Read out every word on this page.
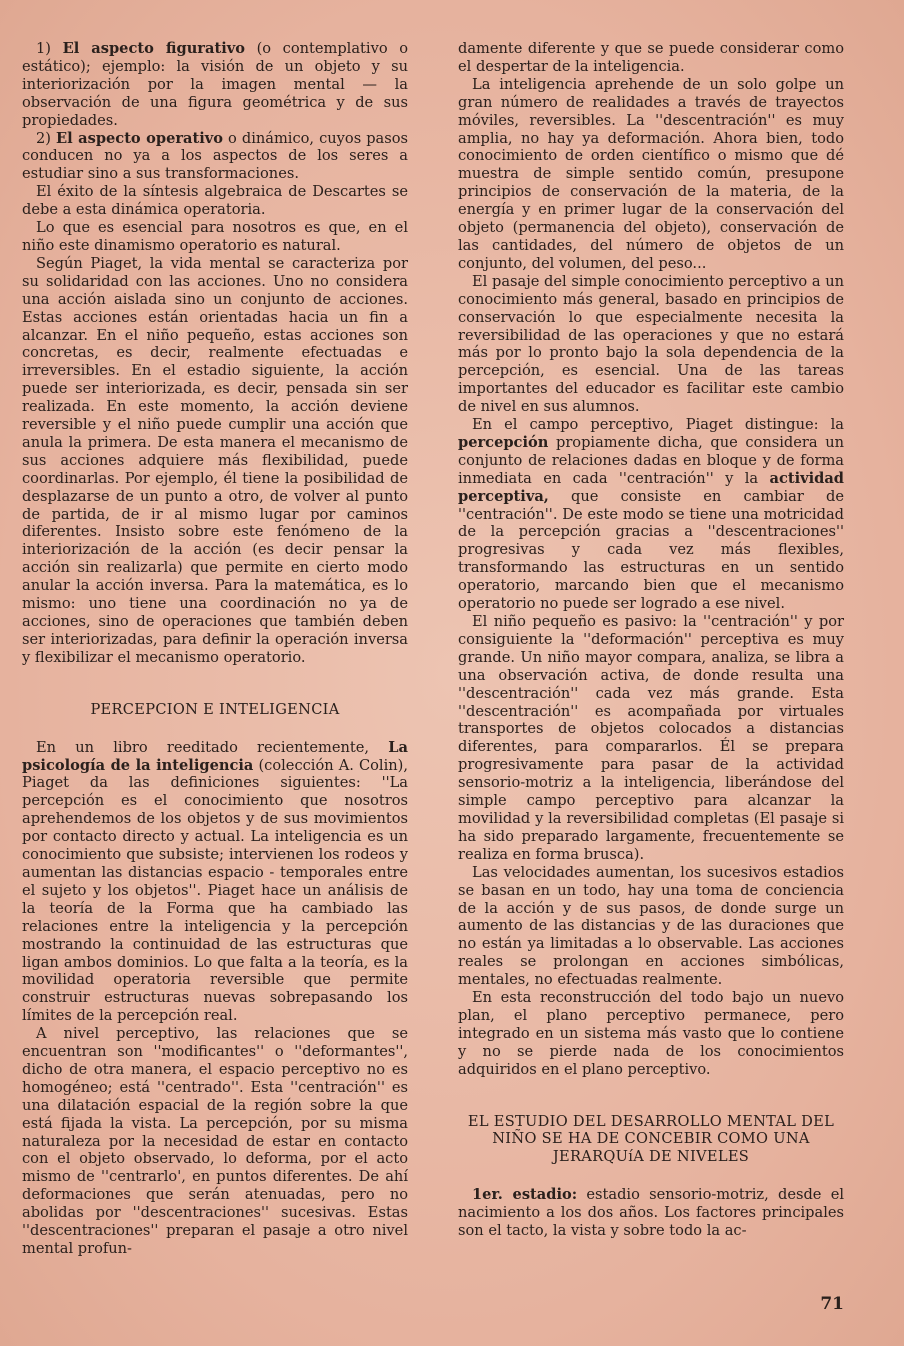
1) El aspecto figurativo (o contemplativo o estático); ejemplo: la visión de un objeto y su interiorización por la imagen mental — la observación de una figura geométrica y de sus propiedades.

2) El aspecto operativo o dinámico, cuyos pasos conducen no ya a los aspectos de los seres a estudiar sino a sus transformaciones.

El éxito de la síntesis algebraica de Descartes se debe a esta dinámica operatoria.

Lo que es esencial para nosotros es que, en el niño este dinamismo operatorio es natural.

Según Piaget, la vida mental se caracteriza por su solidaridad con las acciones. Uno no considera una acción aislada sino un conjunto de acciones. Estas acciones están orientadas hacia un fin a alcanzar. En el niño pequeño, estas acciones son concretas, es decir, realmente efectuadas e irreversibles. En el estadio siguiente, la acción puede ser interiorizada, es decir, pensada sin ser realizada. En este momento, la acción deviene reversible y el niño puede cumplir una acción que anula la primera. De esta manera el mecanismo de sus acciones adquiere más flexibilidad, puede coordinarlas. Por ejemplo, él tiene la posibilidad de desplazarse de un punto a otro, de volver al punto de partida, de ir al mismo lugar por caminos diferentes. Insisto sobre este fenómeno de la interiorización de la acción (es decir pensar la acción sin realizarla) que permite en cierto modo anular la acción inversa. Para la matemática, es lo mismo: uno tiene una coordinación no ya de acciones, sino de operaciones que también deben ser interiorizadas, para definir la operación inversa y flexibilizar el mecanismo operatorio.

PERCEPCION E INTELIGENCIA

En un libro reeditado recientemente, La psicología de la inteligencia (colección A. Colin), Piaget da las definiciones siguientes: ''La percepción es el conocimiento que nosotros aprehendemos de los objetos y de sus movimientos por contacto directo y actual. La inteligencia es un conocimiento que subsiste; intervienen los rodeos y aumentan las distancias espacio - temporales entre el sujeto y los objetos''. Piaget hace un análisis de la teoría de la Forma que ha cambiado las relaciones entre la inteligencia y la percepción mostrando la continuidad de las estructuras que ligan ambos dominios. Lo que falta a la teoría, es la movilidad operatoria reversible que permite construir estructuras nuevas sobrepasando los límites de la percepción real.

A nivel perceptivo, las relaciones que se encuentran son ''modificantes'' o ''deformantes'', dicho de otra manera, el espacio perceptivo no es homogéneo; está ''centrado''. Esta ''centración'' es una dilatación espacial de la región sobre la que está fijada la vista. La percepción, por su misma naturaleza por la necesidad de estar en contacto con el objeto observado, lo deforma, por el acto mismo de ''centrarlo', en puntos diferentes. De ahí deformaciones que serán atenuadas, pero no abolidas por ''descentraciones'' sucesivas. Estas ''descentraciones'' preparan el pasaje a otro nivel mental profun-

damente diferente y que se puede considerar como el despertar de la inteligencia.

La inteligencia aprehende de un solo golpe un gran número de realidades a través de trayectos móviles, reversibles. La ''descentración'' es muy amplia, no hay ya deformación. Ahora bien, todo conocimiento de orden científico o mismo que dé muestra de simple sentido común, presupone principios de conservación de la materia, de la energía y en primer lugar de la conservación del objeto (permanencia del objeto), conservación de las cantidades, del número de objetos de un conjunto, del volumen, del peso...

El pasaje del simple conocimiento perceptivo a un conocimiento más general, basado en principios de conservación lo que especialmente necesita la reversibilidad de las operaciones y que no estará más por lo pronto bajo la sola dependencia de la percepción, es esencial. Una de las tareas importantes del educador es facilitar este cambio de nivel en sus alumnos.

En el campo perceptivo, Piaget distingue: la percepción propiamente dicha, que considera un conjunto de relaciones dadas en bloque y de forma inmediata en cada ''centración'' y la actividad perceptiva, que consiste en cambiar de ''centración''. De este modo se tiene una motricidad de la percepción gracias a ''descentraciones'' progresivas y cada vez más flexibles, transformando las estructuras en un sentido operatorio, marcando bien que el mecanismo operatorio no puede ser logrado a ese nivel.

El niño pequeño es pasivo: la ''centración'' y por consiguiente la ''deformación'' perceptiva es muy grande. Un niño mayor compara, analiza, se libra a una observación activa, de donde resulta una ''descentración'' cada vez más grande. Esta ''descentración'' es acompañada por virtuales transportes de objetos colocados a distancias diferentes, para compararlos. Él se prepara progresivamente para pasar de la actividad sensorio-motriz a la inteligencia, liberándose del simple campo perceptivo para alcanzar la movilidad y la reversibilidad completas (El pasaje si ha sido preparado largamente, frecuentemente se realiza en forma brusca).

Las velocidades aumentan, los sucesivos estadios se basan en un todo, hay una toma de conciencia de la acción y de sus pasos, de donde surge un aumento de las distancias y de las duraciones que no están ya limitadas a lo observable. Las acciones reales se prolongan en acciones simbólicas, mentales, no efectuadas realmente.

En esta reconstrucción del todo bajo un nuevo plan, el plano perceptivo permanece, pero integrado en un sistema más vasto que lo contiene y no se pierde nada de los conocimientos adquiridos en el plano perceptivo.

EL ESTUDIO DEL DESARROLLO MENTAL DEL NIÑO SE HA DE CONCEBIR COMO UNA JERARQUíA DE NIVELES

1er. estadio: estadio sensorio-motriz, desde el nacimiento a los dos años. Los factores principales son el tacto, la vista y sobre todo la ac-

71
